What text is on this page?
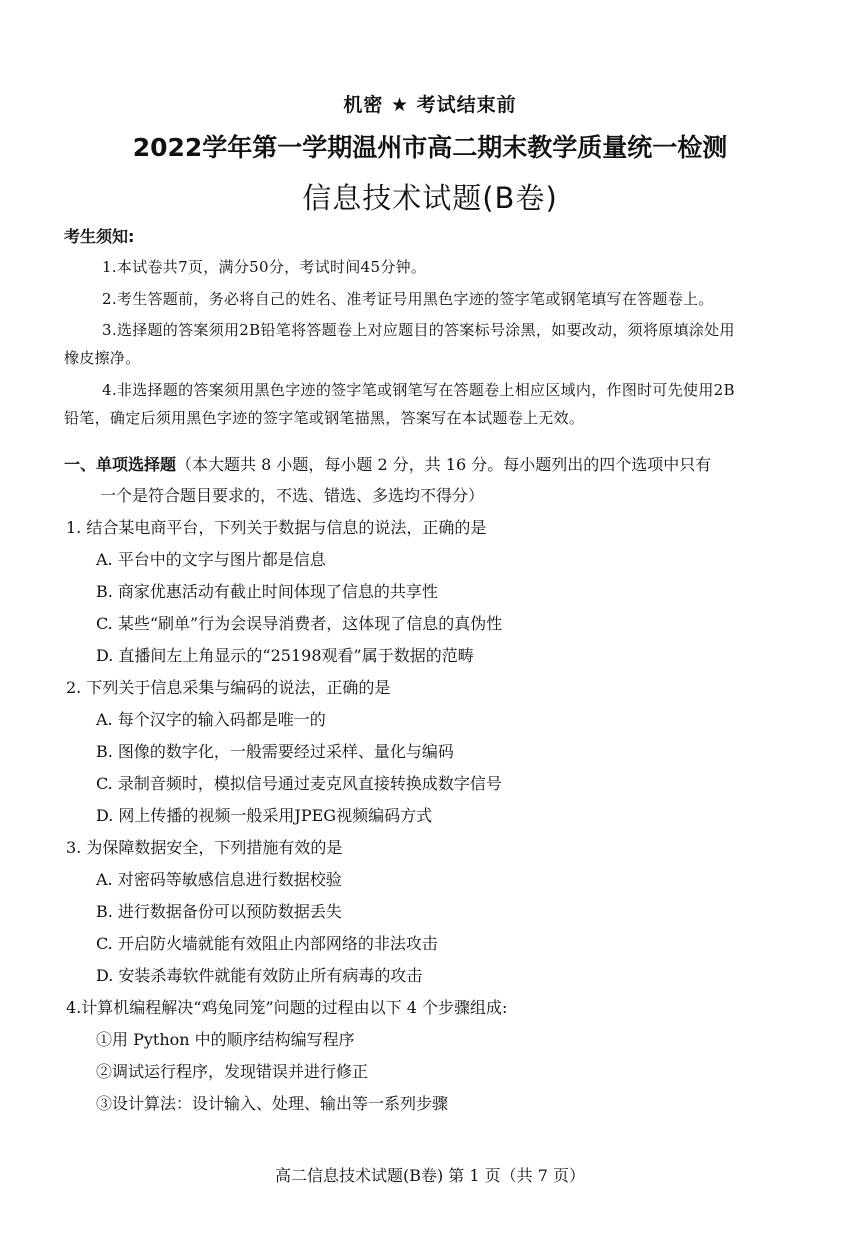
机密 ★ 考试结束前
2022学年第一学期温州市高二期末教学质量统一检测
信息技术试题(B卷)
考生须知:
1.本试卷共7页，满分50分，考试时间45分钟。
2.考生答题前，务必将自己的姓名、准考证号用黑色字迹的签字笔或钢笔填写在答题卷上。
3.选择题的答案须用2B铅笔将答题卷上对应题目的答案标号涂黑，如要改动，须将原填涂处用
橡皮擦净。
4.非选择题的答案须用黑色字迹的签字笔或钢笔写在答题卷上相应区域内，作图时可先使用2B
铅笔，确定后须用黑色字迹的签字笔或钢笔描黑，答案写在本试题卷上无效。
一、单项选择题（本大题共 8 小题，每小题 2 分，共 16 分。每小题列出的四个选项中只有
一个是符合题目要求的，不选、错选、多选均不得分）
1. 结合某电商平台，下列关于数据与信息的说法，正确的是
A. 平台中的文字与图片都是信息
B. 商家优惠活动有截止时间体现了信息的共享性
C. 某些“刷单”行为会误导消费者，这体现了信息的真伪性
D. 直播间左上角显示的“25198观看”属于数据的范畴
2. 下列关于信息采集与编码的说法，正确的是
A. 每个汉字的输入码都是唯一的
B. 图像的数字化，一般需要经过采样、量化与编码
C. 录制音频时，模拟信号通过麦克风直接转换成数字信号
D. 网上传播的视频一般采用JPEG视频编码方式
3. 为保障数据安全，下列措施有效的是
A. 对密码等敏感信息进行数据校验
B. 进行数据备份可以预防数据丢失
C. 开启防火墙就能有效阻止内部网络的非法攻击
D. 安装杀毒软件就能有效防止所有病毒的攻击
4.计算机编程解决“鸡兔同笼”问题的过程由以下 4 个步骤组成:
①用 Python 中的顺序结构编写程序
②调试运行程序，发现错误并进行修正
③设计算法：设计输入、处理、输出等一系列步骤
高二信息技术试题(B卷) 第 1 页（共 7 页）
